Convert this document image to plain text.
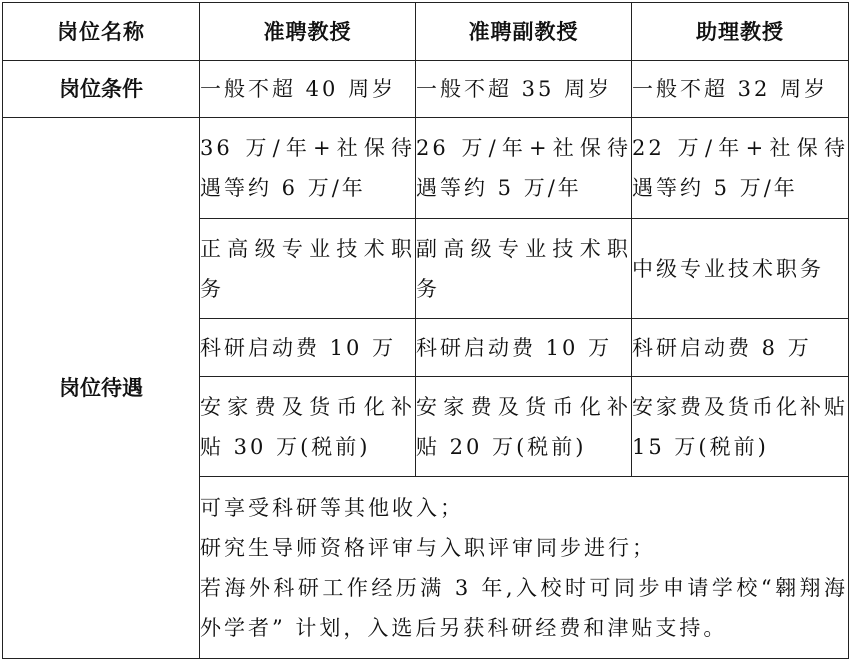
岗位名称	准聘教授	准聘副教授	助理教授
岗位条件	一般不超 40 周岁	一般不超 35 周岁	一般不超 32 周岁
岗位待遇	36 万/年+社保待遇等约 6 万/年	26 万/年+社保待遇等约 5 万/年	22 万/年+社保待遇等约 5 万/年
	正高级专业技术职务	副高级专业技术职务	中级专业技术职务
	科研启动费 10 万	科研启动费 10 万	科研启动费 8 万
	安家费及货币化补贴 30 万(税前)	安家费及货币化补贴 20 万(税前)	安家费及货币化补贴 15 万(税前)

	可享受科研等其他收入；
研究生导师资格评审与入职评审同步进行；
若海外科研工作经历满 3 年,入校时可同步申请学校“翱翔海外学者” 计划，入选后另获科研经费和津贴支持。		
